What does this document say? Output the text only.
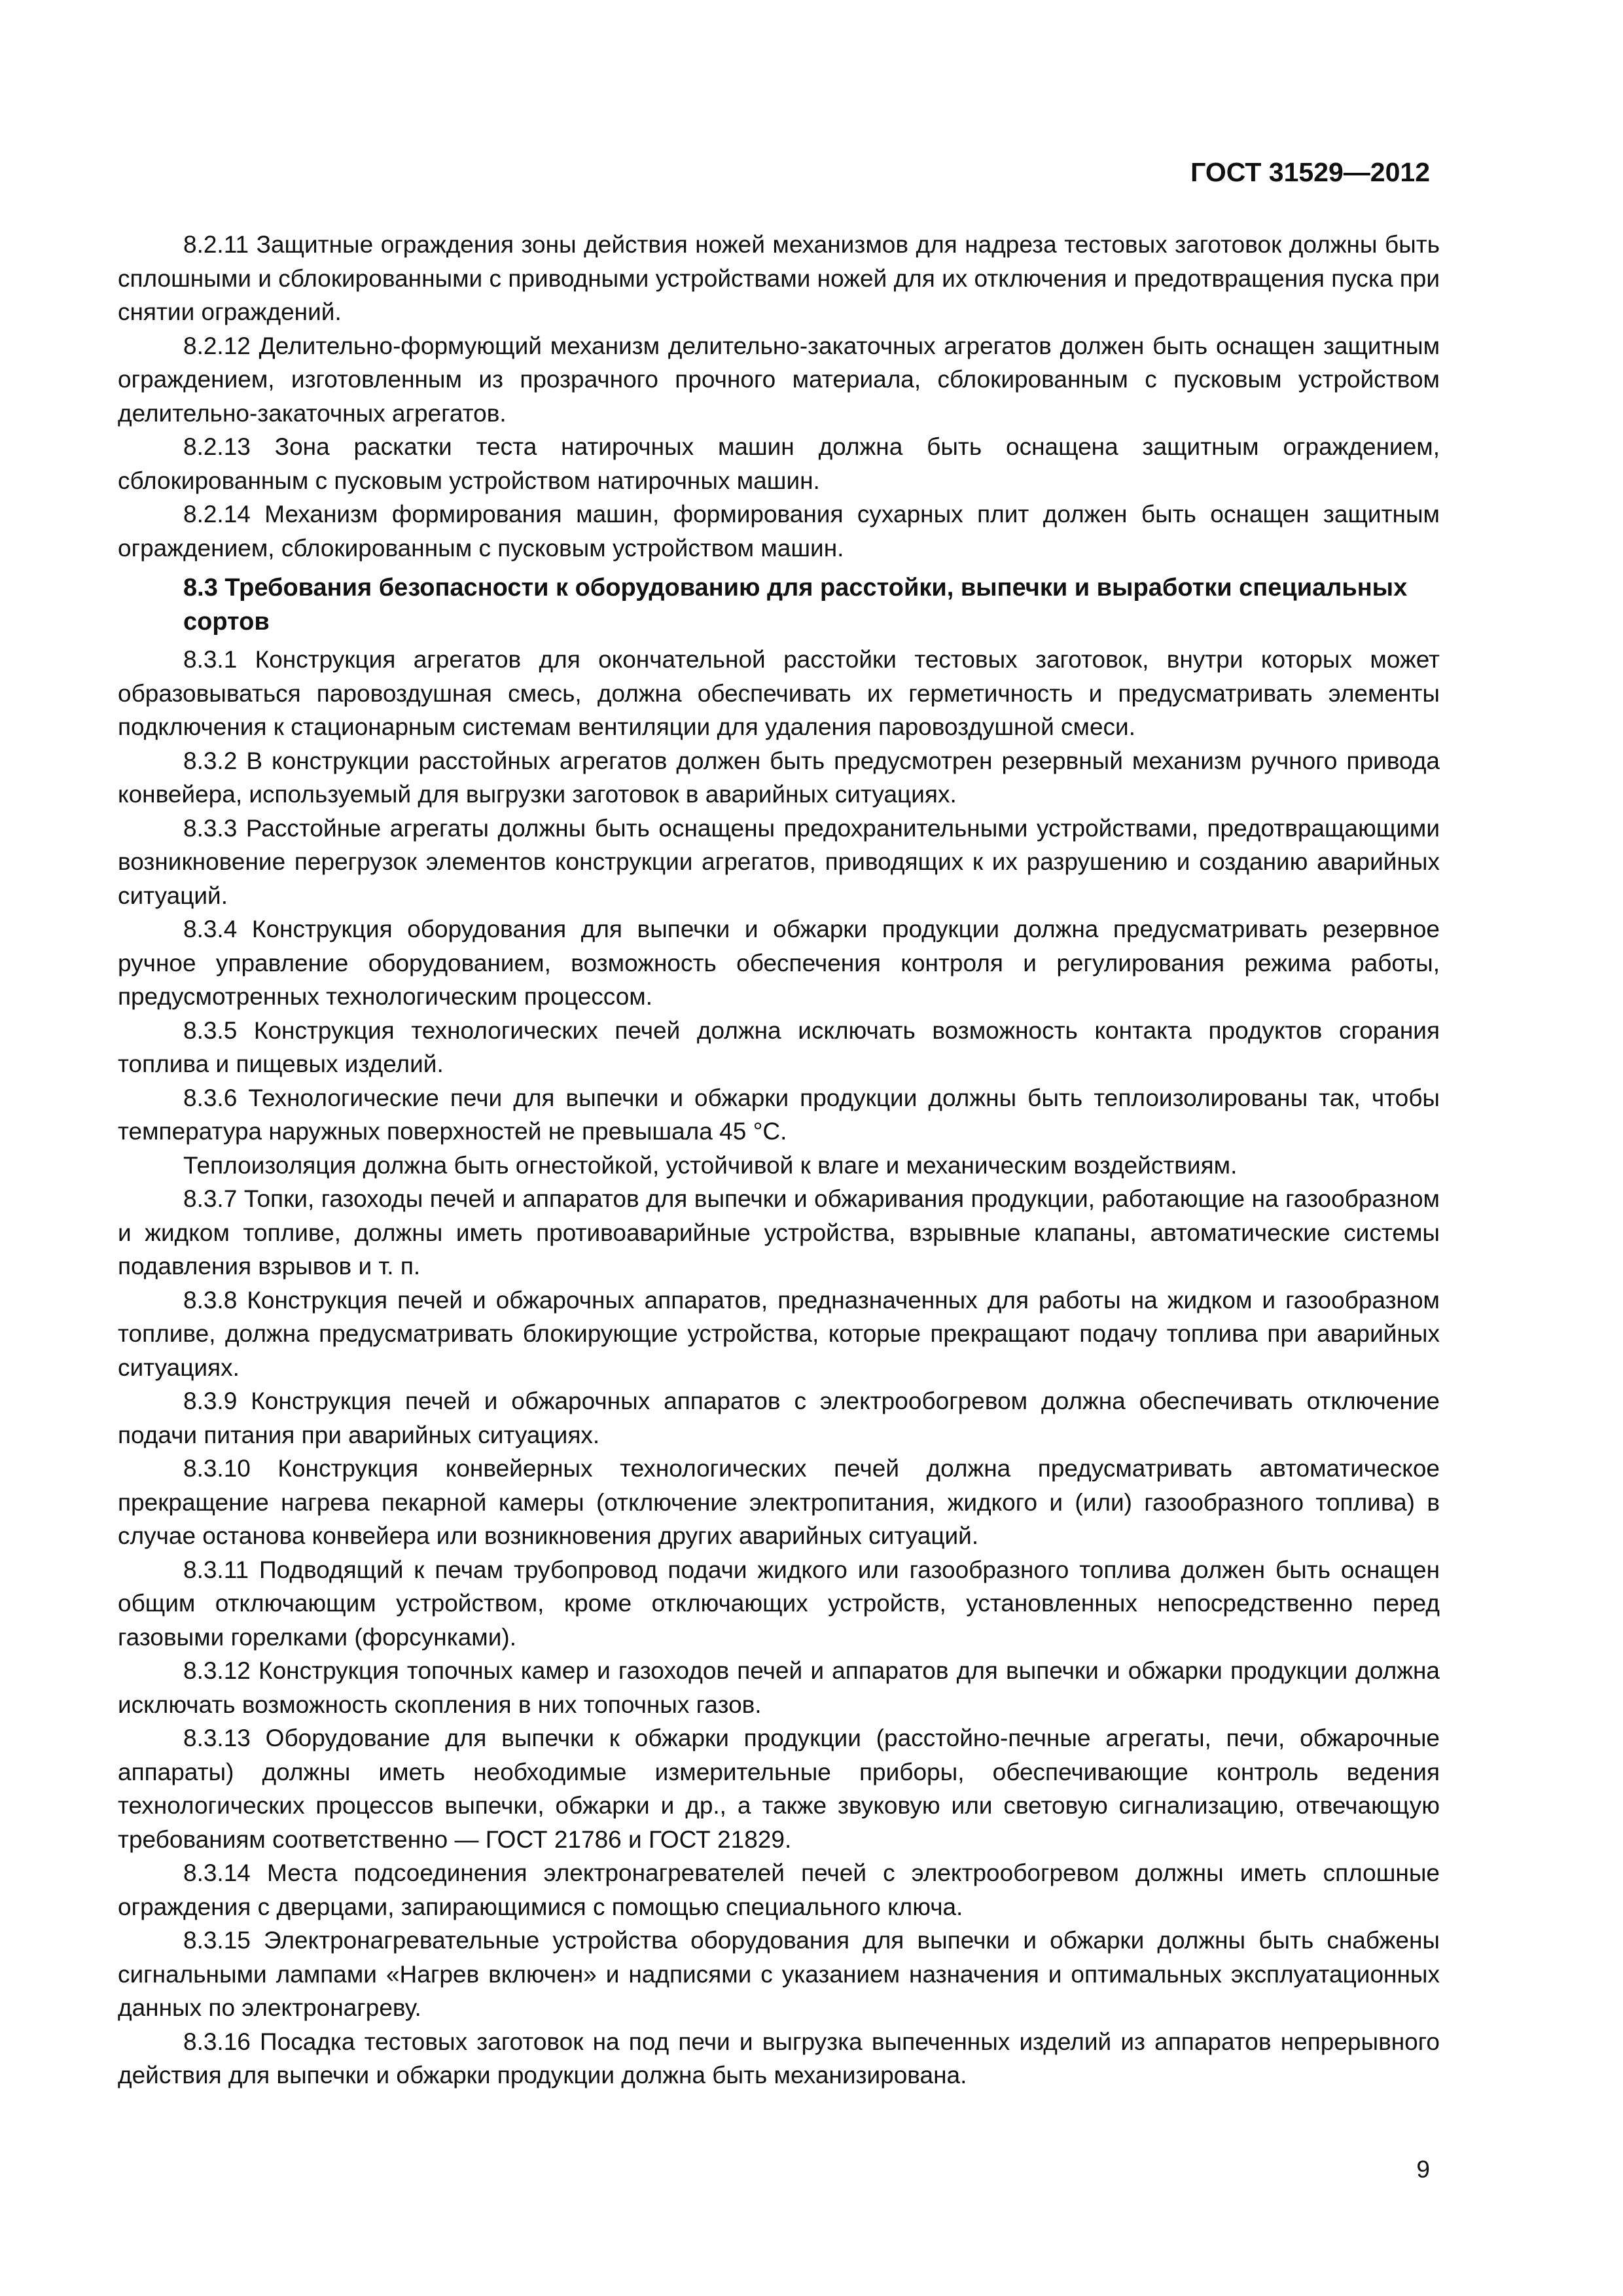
ГОСТ 31529—2012

8.2.11 Защитные ограждения зоны действия ножей механизмов для надреза тестовых заготовок должны быть сплошными и сблокированными с приводными устройствами ножей для их отключения и предотвращения пуска при снятии ограждений.

8.2.12 Делительно-формующий механизм делительно-закаточных агрегатов должен быть оснащен защитным ограждением, изготовленным из прозрачного прочного материала, сблокированным с пусковым устройством делительно-закаточных агрегатов.

8.2.13 Зона раскатки теста натирочных машин должна быть оснащена защитным ограждением, сблокированным с пусковым устройством натирочных машин.

8.2.14 Механизм формирования машин, формирования сухарных плит должен быть оснащен защитным ограждением, сблокированным с пусковым устройством машин.

8.3 Требования безопасности к оборудованию для расстойки, выпечки и выработки специальных сортов

8.3.1 Конструкция агрегатов для окончательной расстойки тестовых заготовок, внутри которых может образовываться паровоздушная смесь, должна обеспечивать их герметичность и предусматривать элементы подключения к стационарным системам вентиляции для удаления паровоздушной смеси.

8.3.2 В конструкции расстойных агрегатов должен быть предусмотрен резервный механизм ручного привода конвейера, используемый для выгрузки заготовок в аварийных ситуациях.

8.3.3 Расстойные агрегаты должны быть оснащены предохранительными устройствами, предотвращающими возникновение перегрузок элементов конструкции агрегатов, приводящих к их разрушению и созданию аварийных ситуаций.

8.3.4 Конструкция оборудования для выпечки и обжарки продукции должна предусматривать резервное ручное управление оборудованием, возможность обеспечения контроля и регулирования режима работы, предусмотренных технологическим процессом.

8.3.5 Конструкция технологических печей должна исключать возможность контакта продуктов сгорания топлива и пищевых изделий.

8.3.6 Технологические печи для выпечки и обжарки продукции должны быть теплоизолированы так, чтобы температура наружных поверхностей не превышала 45 °С.

Теплоизоляция должна быть огнестойкой, устойчивой к влаге и механическим воздействиям.

8.3.7 Топки, газоходы печей и аппаратов для выпечки и обжаривания продукции, работающие на газообразном и жидком топливе, должны иметь противоаварийные устройства, взрывные клапаны, автоматические системы подавления взрывов и т. п.

8.3.8 Конструкция печей и обжарочных аппаратов, предназначенных для работы на жидком и газообразном топливе, должна предусматривать блокирующие устройства, которые прекращают подачу топлива при аварийных ситуациях.

8.3.9 Конструкция печей и обжарочных аппаратов с электрообогревом должна обеспечивать отключение подачи питания при аварийных ситуациях.

8.3.10 Конструкция конвейерных технологических печей должна предусматривать автоматическое прекращение нагрева пекарной камеры (отключение электропитания, жидкого и (или) газообразного топлива) в случае останова конвейера или возникновения других аварийных ситуаций.

8.3.11 Подводящий к печам трубопровод подачи жидкого или газообразного топлива должен быть оснащен общим отключающим устройством, кроме отключающих устройств, установленных непосредственно перед газовыми горелками (форсунками).

8.3.12 Конструкция топочных камер и газоходов печей и аппаратов для выпечки и обжарки продукции должна исключать возможность скопления в них топочных газов.

8.3.13 Оборудование для выпечки к обжарки продукции (расстойно-печные агрегаты, печи, обжарочные аппараты) должны иметь необходимые измерительные приборы, обеспечивающие контроль ведения технологических процессов выпечки, обжарки и др., а также звуковую или световую сигнализацию, отвечающую требованиям соответственно — ГОСТ 21786 и ГОСТ 21829.

8.3.14 Места подсоединения электронагревателей печей с электрообогревом должны иметь сплошные ограждения с дверцами, запирающимися с помощью специального ключа.

8.3.15 Электронагревательные устройства оборудования для выпечки и обжарки должны быть снабжены сигнальными лампами «Нагрев включен» и надписями с указанием назначения и оптимальных эксплуатационных данных по электронагреву.

8.3.16 Посадка тестовых заготовок на под печи и выгрузка выпеченных изделий из аппаратов непрерывного действия для выпечки и обжарки продукции должна быть механизирована.

9
